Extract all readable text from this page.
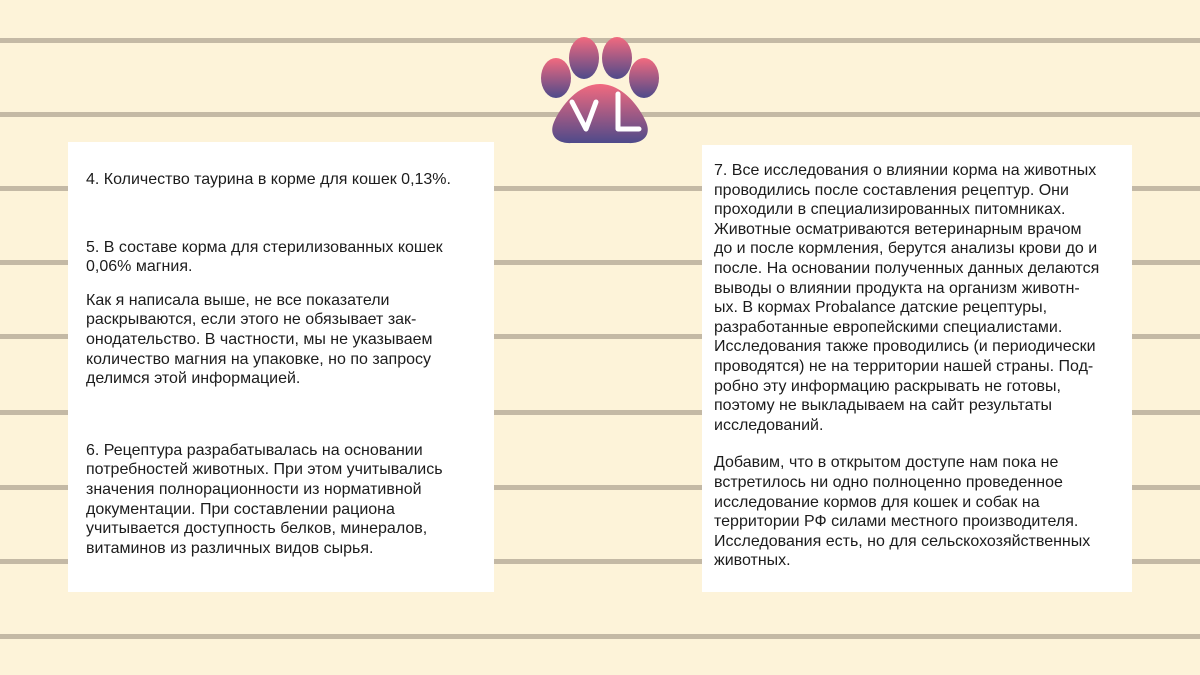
4. Количество таурина в корме для кошек 0,13%.

5. В составе корма для стерилизованных кошек
0,06% магния.

Как я написала выше, не все показатели
раскрываются, если этого не обязывает зак-
онодательство. В частности, мы не указываем
количество магния на упаковке, но по запросу
делимся этой информацией.

6. Рецептура разрабатывалась на основании
потребностей животных. При этом учитывались
значения полнорационности из нормативной
документации. При составлении рациона
учитывается доступность белков, минералов,
витаминов из различных видов сырья.

7. Все исследования о влиянии корма на животных
проводились после составления рецептур. Они
проходили в специализированных питомниках.
Животные осматриваются ветеринарным врачом
до и после кормления, берутся анализы крови до и
после. На основании полученных данных делаются
выводы о влиянии продукта на организм животн-
ых. В кормах Probalance датские рецептуры,
разработанные европейскими специалистами.
Исследования также проводились (и периодически
проводятся) не на территории нашей страны. Под-
робно эту информацию раскрывать не готовы,
поэтому не выкладываем на сайт результаты
исследований.

Добавим, что в открытом доступе нам пока не
встретилось ни одно полноценно проведенное
исследование кормов для кошек и собак на
территории РФ силами местного производителя.
Исследования есть, но для сельскохозяйственных
животных.
